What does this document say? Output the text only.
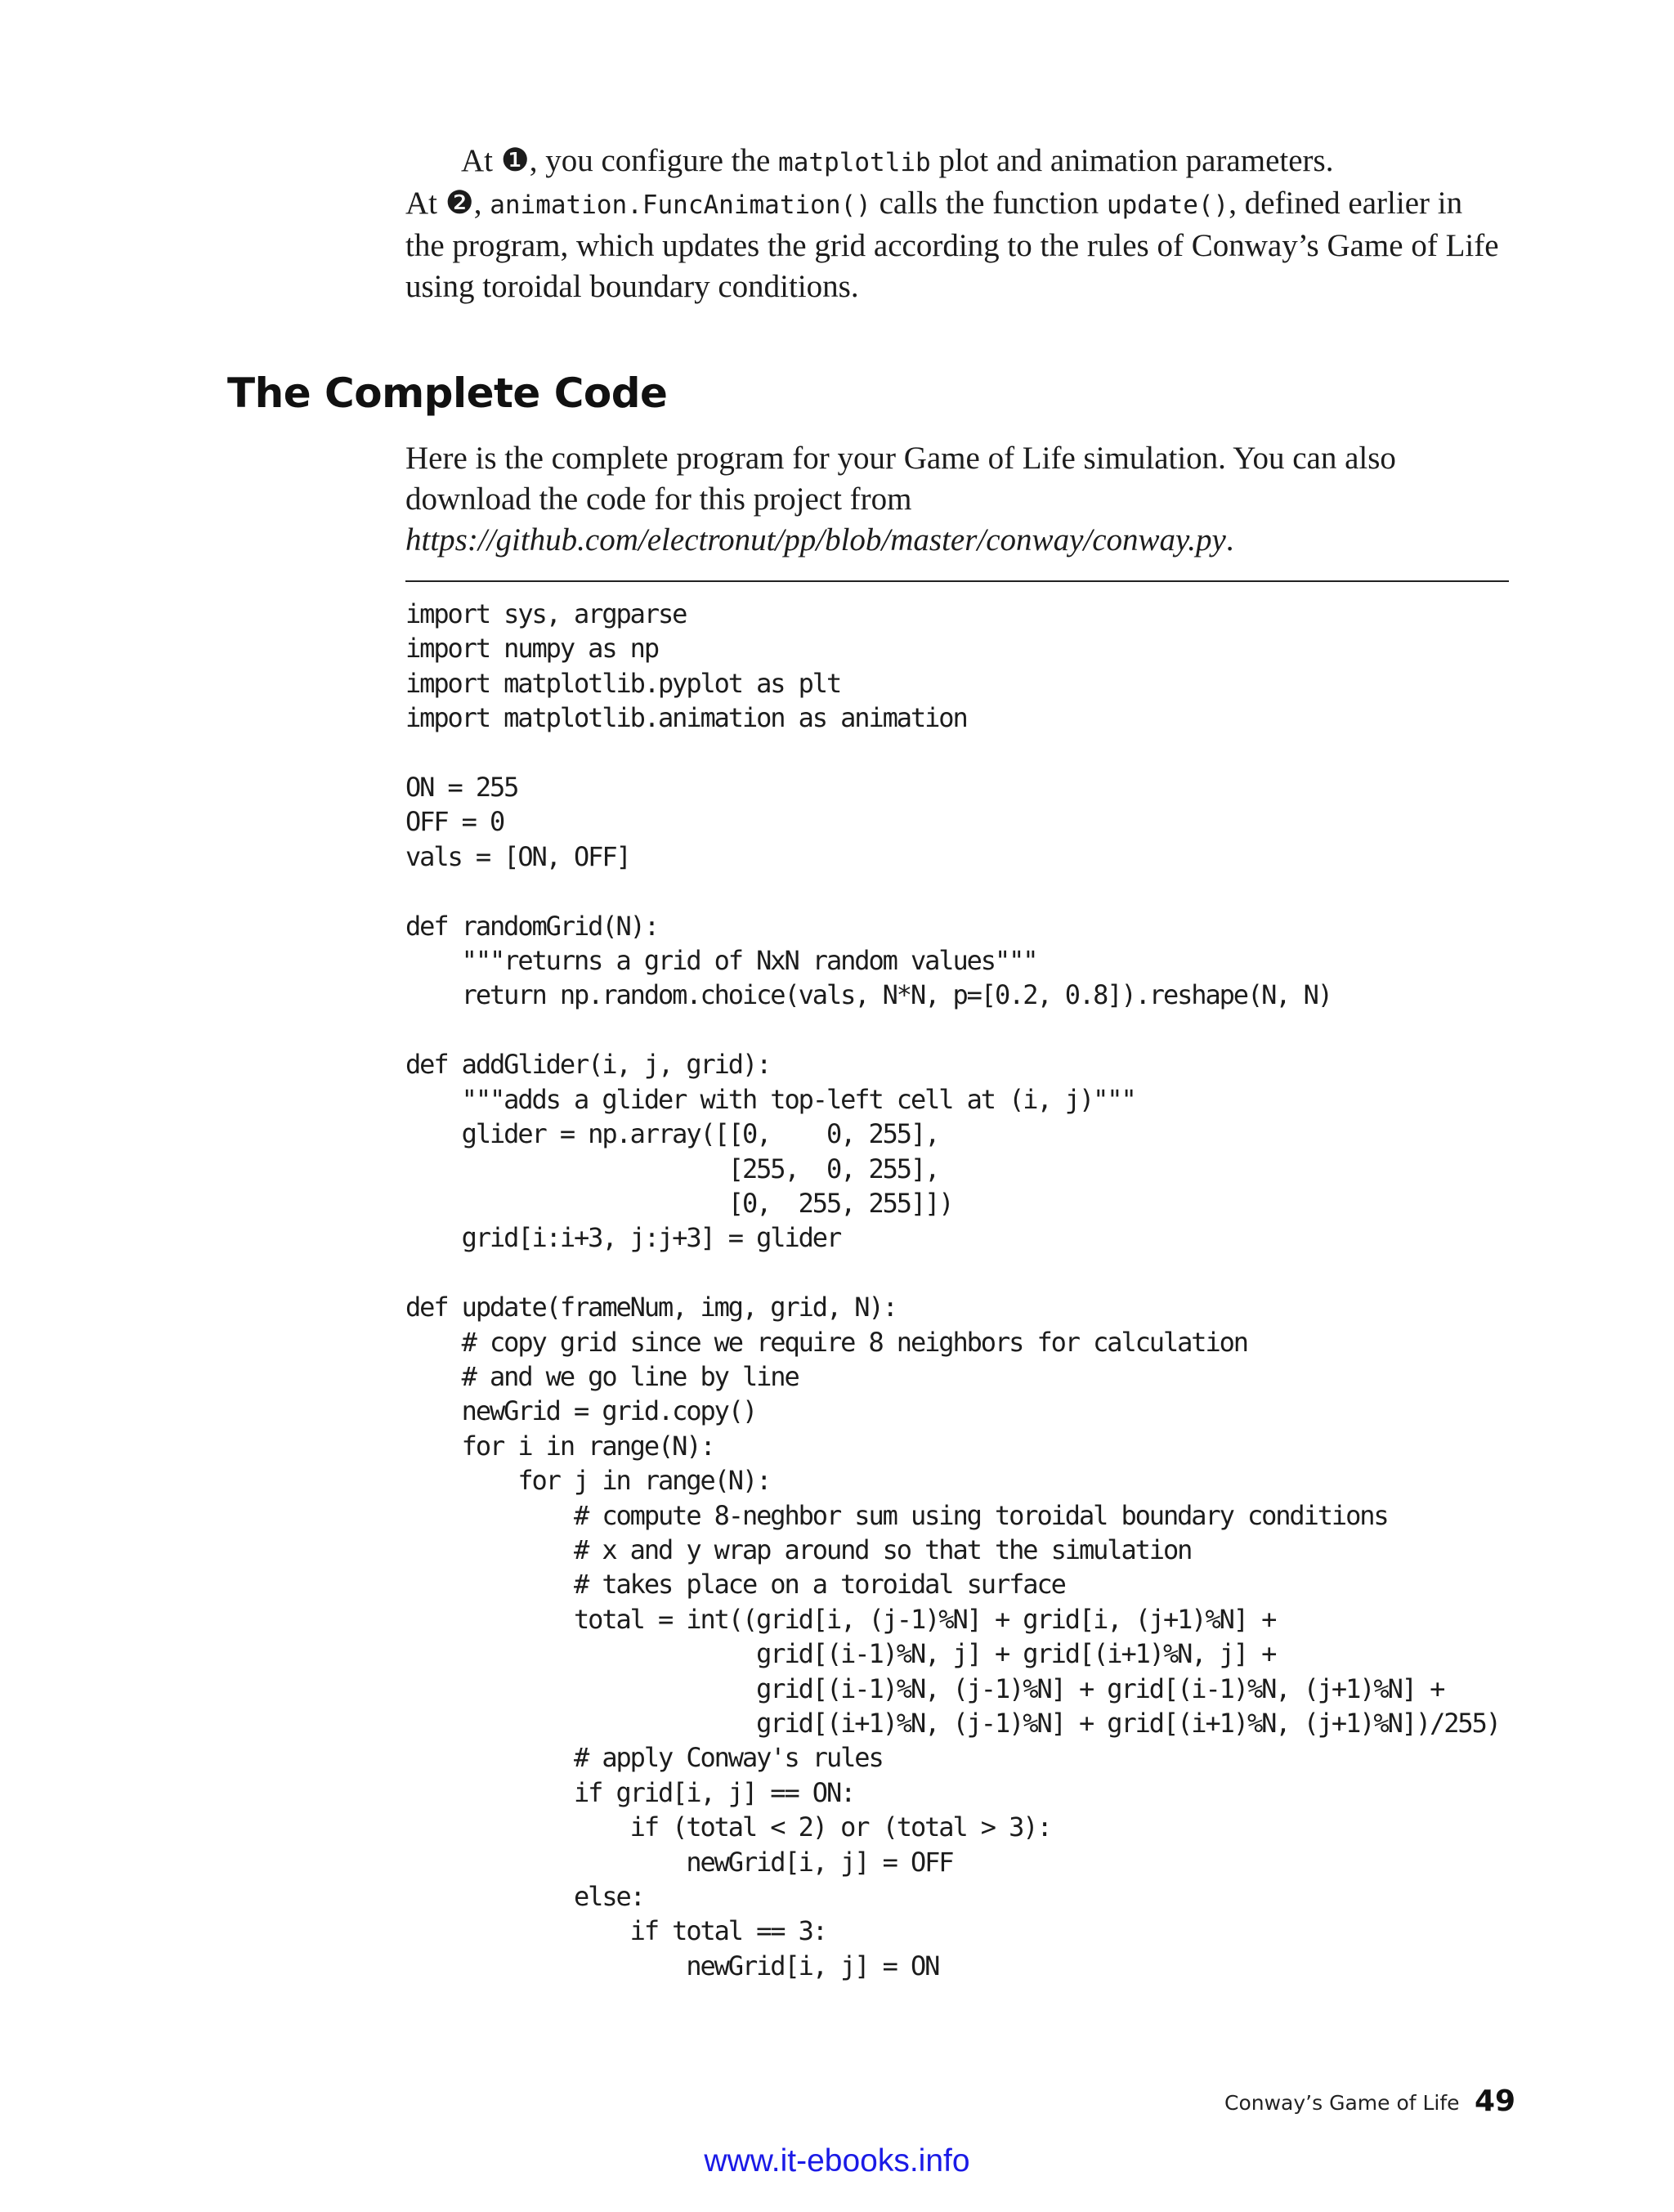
At ❶, you configure the matplotlib plot and animation parameters.
At ❷, animation.FuncAnimation() calls the function update(), defined earlier in the program, which updates the grid according to the rules of Conway’s Game of Life using toroidal boundary conditions.

The Complete Code

Here is the complete program for your Game of Life simulation. You can also download the code for this project from https://github.com/electronut/pp/blob/master/conway/conway.py.

import sys, argparse
import numpy as np
import matplotlib.pyplot as plt
import matplotlib.animation as animation

ON = 255
OFF = 0
vals = [ON, OFF]

def randomGrid(N):
"""returns a grid of NxN random values"""
return np.random.choice(vals, N*N, p=[0.2, 0.8]).reshape(N, N)

def addGlider(i, j, grid):
"""adds a glider with top-left cell at (i, j)"""
glider = np.array([[0,    0, 255],
[255,  0, 255],
[0,  255, 255]])
grid[i:i+3, j:j+3] = glider

def update(frameNum, img, grid, N):
# copy grid since we require 8 neighbors for calculation
# and we go line by line
newGrid = grid.copy()
for i in range(N):
for j in range(N):
# compute 8-neghbor sum using toroidal boundary conditions
# x and y wrap around so that the simulation
# takes place on a toroidal surface
total = int((grid[i, (j-1)%N] + grid[i, (j+1)%N] +
grid[(i-1)%N, j] + grid[(i+1)%N, j] +
grid[(i-1)%N, (j-1)%N] + grid[(i-1)%N, (j+1)%N] +
grid[(i+1)%N, (j-1)%N] + grid[(i+1)%N, (j+1)%N])/255)
# apply Conway's rules
if grid[i, j] == ON:
if (total < 2) or (total > 3):
newGrid[i, j] = OFF
else:
if total == 3:
newGrid[i, j] = ON
Conway’s Game of Life 49
www.it-ebooks.info
